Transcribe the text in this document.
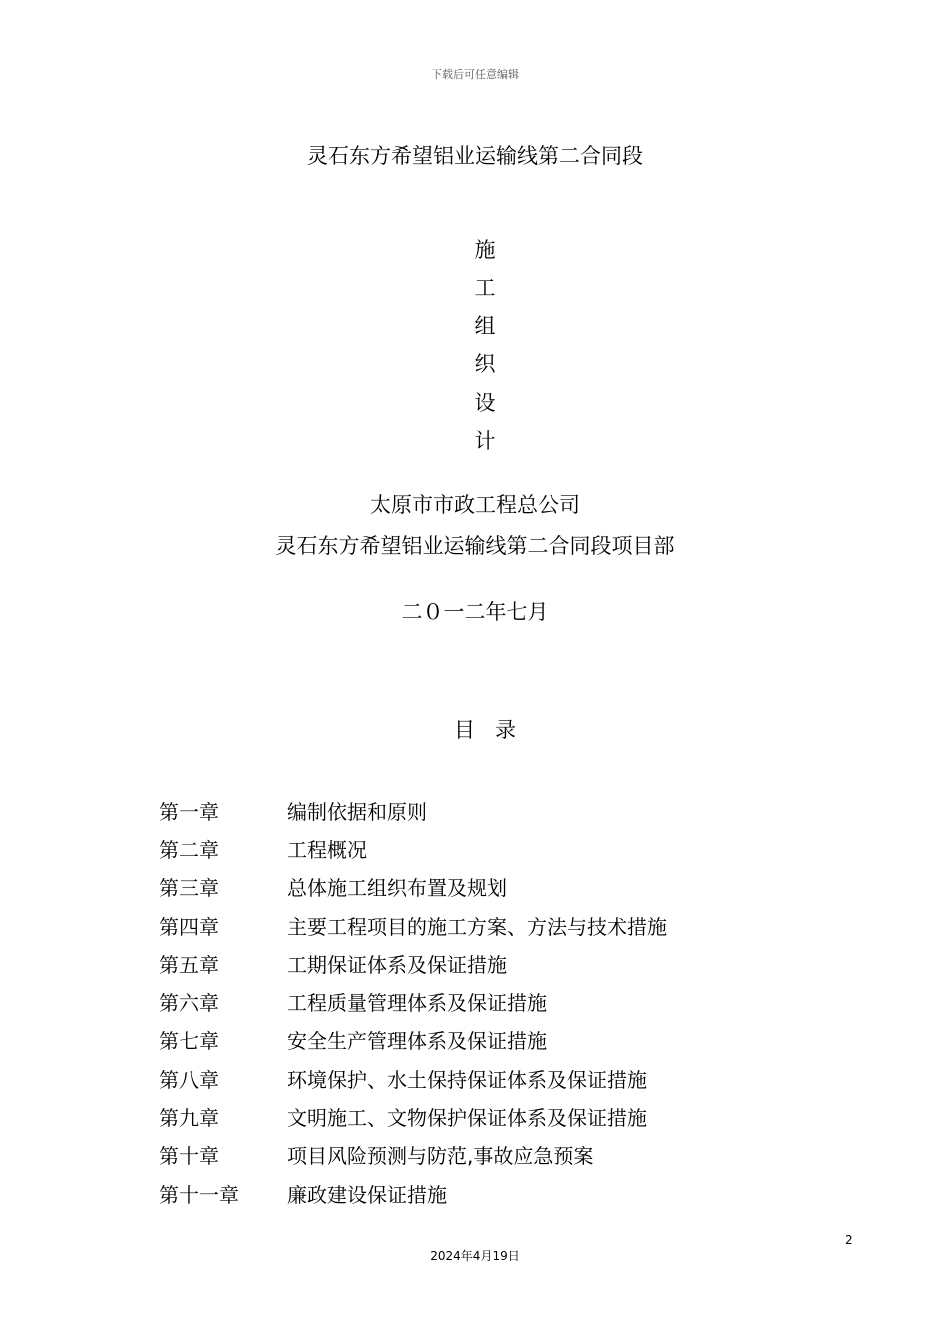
下载后可任意编辑
灵石东方希望铝业运输线第二合同段
施
工
组
织
设
计
太原市市政工程总公司
灵石东方希望铝业运输线第二合同段项目部
二０一二年七月
目录
第一章	编制依据和原则
第二章	工程概况
第三章	总体施工组织布置及规划
第四章	主要工程项目的施工方案、方法与技术措施
第五章	工期保证体系及保证措施
第六章	工程质量管理体系及保证措施
第七章	安全生产管理体系及保证措施
第八章	环境保护、水土保持保证体系及保证措施
第九章	文明施工、文物保护保证体系及保证措施
第十章	项目风险预测与防范,事故应急预案
第十一章	廉政建设保证措施
2
2024年4月19日
